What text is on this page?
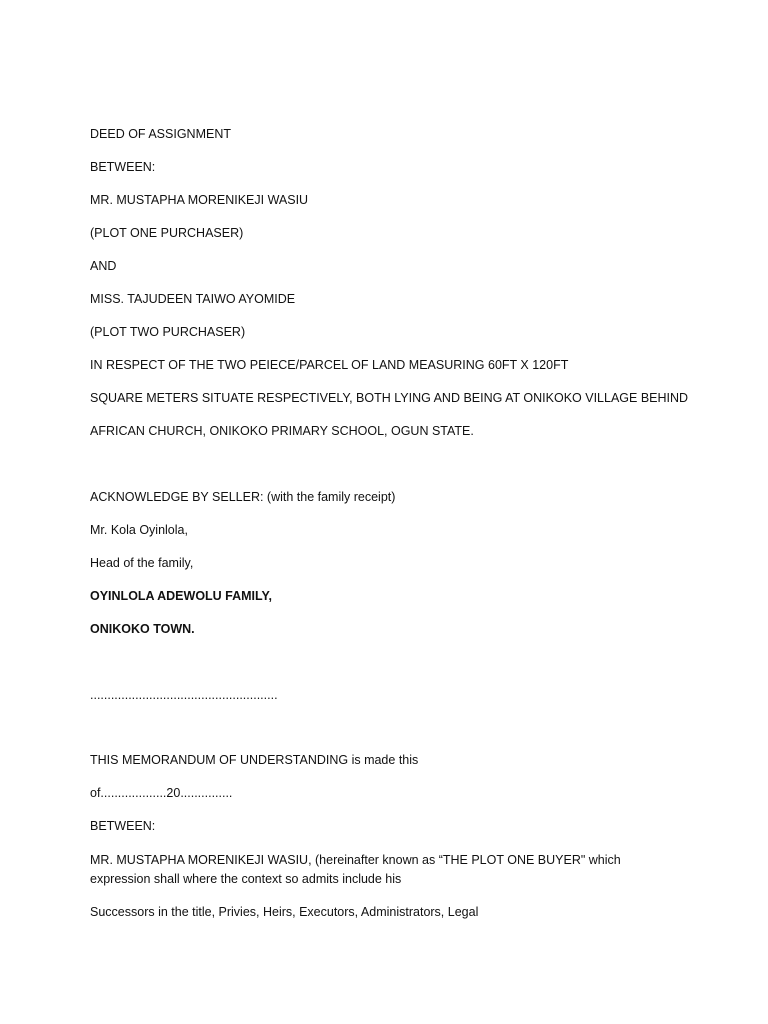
DEED OF ASSIGNMENT
BETWEEN:
MR. MUSTAPHA MORENIKEJI WASIU
(PLOT ONE PURCHASER)
AND
MISS. TAJUDEEN TAIWO AYOMIDE
(PLOT TWO PURCHASER)
IN RESPECT OF THE TWO PEIECE/PARCEL OF LAND MEASURING 60FT X 120FT
SQUARE METERS SITUATE RESPECTIVELY, BOTH LYING AND BEING AT ONIKOKO VILLAGE BEHIND
AFRICAN CHURCH, ONIKOKO PRIMARY SCHOOL, OGUN STATE.
ACKNOWLEDGE BY SELLER: (with the family receipt)
Mr. Kola Oyinlola,
Head of the family,
OYINLOLA ADEWOLU FAMILY,
ONIKOKO TOWN.
......................................................
THIS MEMORANDUM OF UNDERSTANDING is made this
of...................20...............
BETWEEN:
MR. MUSTAPHA MORENIKEJI WASIU, (hereinafter known as “THE PLOT ONE BUYER" which expression shall where the context so admits include his
Successors in the title, Privies, Heirs, Executors, Administrators, Legal
